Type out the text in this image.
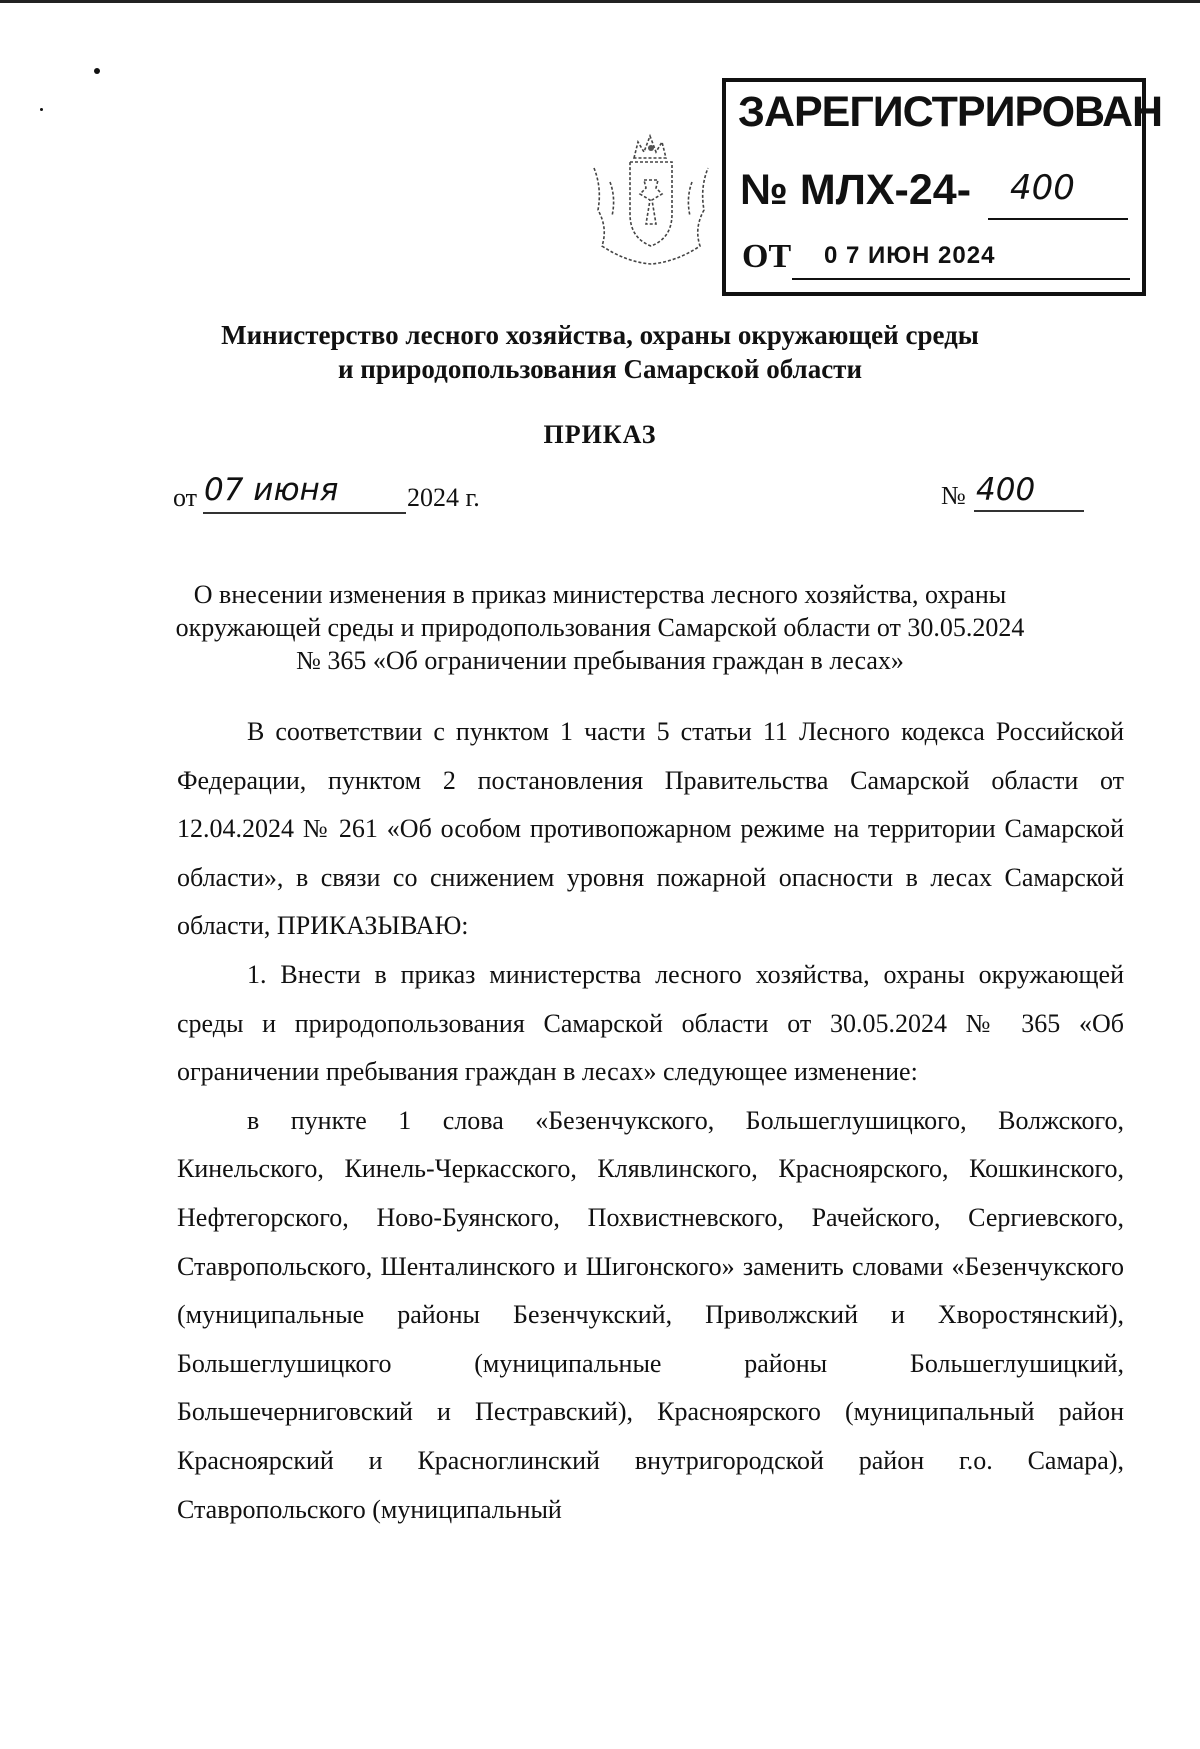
ЗАРЕГИСТРИРОВАН
№ МЛХ-24- 400
ОТ 0 7 ИЮН 2024
Министерство лесного хозяйства, охраны окружающей среды
и природопользования Самарской области
ПРИКАЗ
от 07 июня	2024 г.	№ 400
О внесении изменения в приказ министерства лесного хозяйства, охраны
окружающей среды и природопользования Самарской области от 30.05.2024
№ 365 «Об ограничении пребывания граждан в лесах»

В соответствии с пунктом 1 части 5 статьи 11 Лесного кодекса Российской Федерации, пунктом 2 постановления Правительства Самарской области от 12.04.2024 № 261 «Об особом противопожарном режиме на территории Самарской области», в связи со снижением уровня пожарной опасности в лесах Самарской области, ПРИКАЗЫВАЮ:

1. Внести в приказ министерства лесного хозяйства, охраны окружающей среды и природопользования Самарской области от 30.05.2024 № 365 «Об ограничении пребывания граждан в лесах» следующее изменение:

в пункте 1 слова «Безенчукского, Большеглушицкого, Волжского, Кинельского, Кинель-Черкасского, Клявлинского, Красноярского, Кошкинского, Нефтегорского, Ново-Буянского, Похвистневского, Рачейского, Сергиевского, Ставропольского, Шенталинского и Шигонского» заменить словами «Безенчукского (муниципальные районы Безенчукский, Приволжский и Хворостянский), Большеглушицкого (муниципальные районы Большеглушицкий, Большечерниговский и Пестравский), Красноярского (муниципальный район Красноярский и Красноглинский внутригородской район г.о. Самара), Ставропольского (муниципальный
